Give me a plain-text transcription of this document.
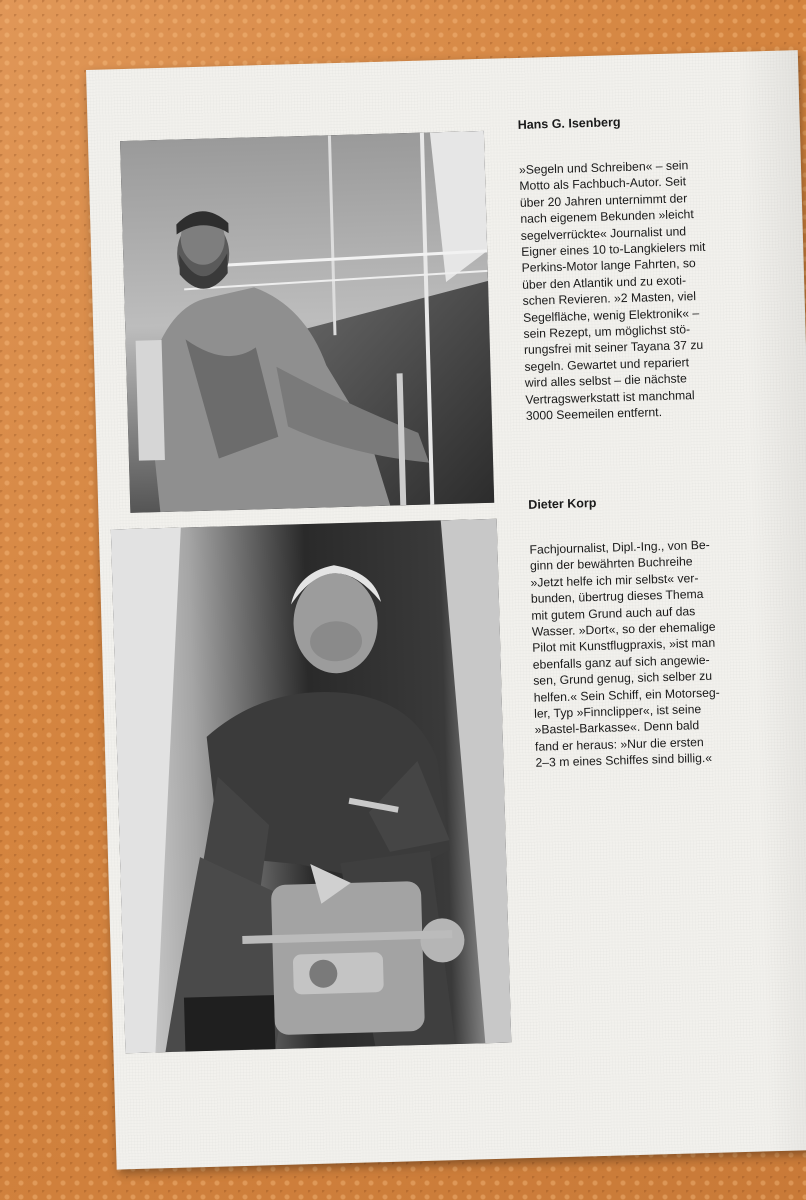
Hans G. Isenberg

»Segeln und Schreiben« – sein
Motto als Fachbuch-Autor. Seit
über 20 Jahren unternimmt der
nach eigenem Bekunden »leicht
segelverrückte« Journalist und
Eigner eines 10 to-Langkielers mit
Perkins-Motor lange Fahrten, so
über den Atlantik und zu exoti-
schen Revieren. »2 Masten, viel
Segelfläche, wenig Elektronik« –
sein Rezept, um möglichst stö-
rungsfrei mit seiner Tayana 37 zu
segeln. Gewartet und repariert
wird alles selbst – die nächste
Vertragswerkstatt ist manchmal
3000 Seemeilen entfernt.

Dieter Korp

Fachjournalist, Dipl.-Ing., von Be-
ginn der bewährten Buchreihe
»Jetzt helfe ich mir selbst« ver-
bunden, übertrug dieses Thema
mit gutem Grund auch auf das
Wasser. »Dort«, so der ehemalige
Pilot mit Kunstflugpraxis, »ist man
ebenfalls ganz auf sich angewie-
sen, Grund genug, sich selber zu
helfen.« Sein Schiff, ein Motorseg-
ler, Typ »Finnclipper«, ist seine
»Bastel-Barkasse«. Denn bald
fand er heraus: »Nur die ersten
2–3 m eines Schiffes sind billig.«
